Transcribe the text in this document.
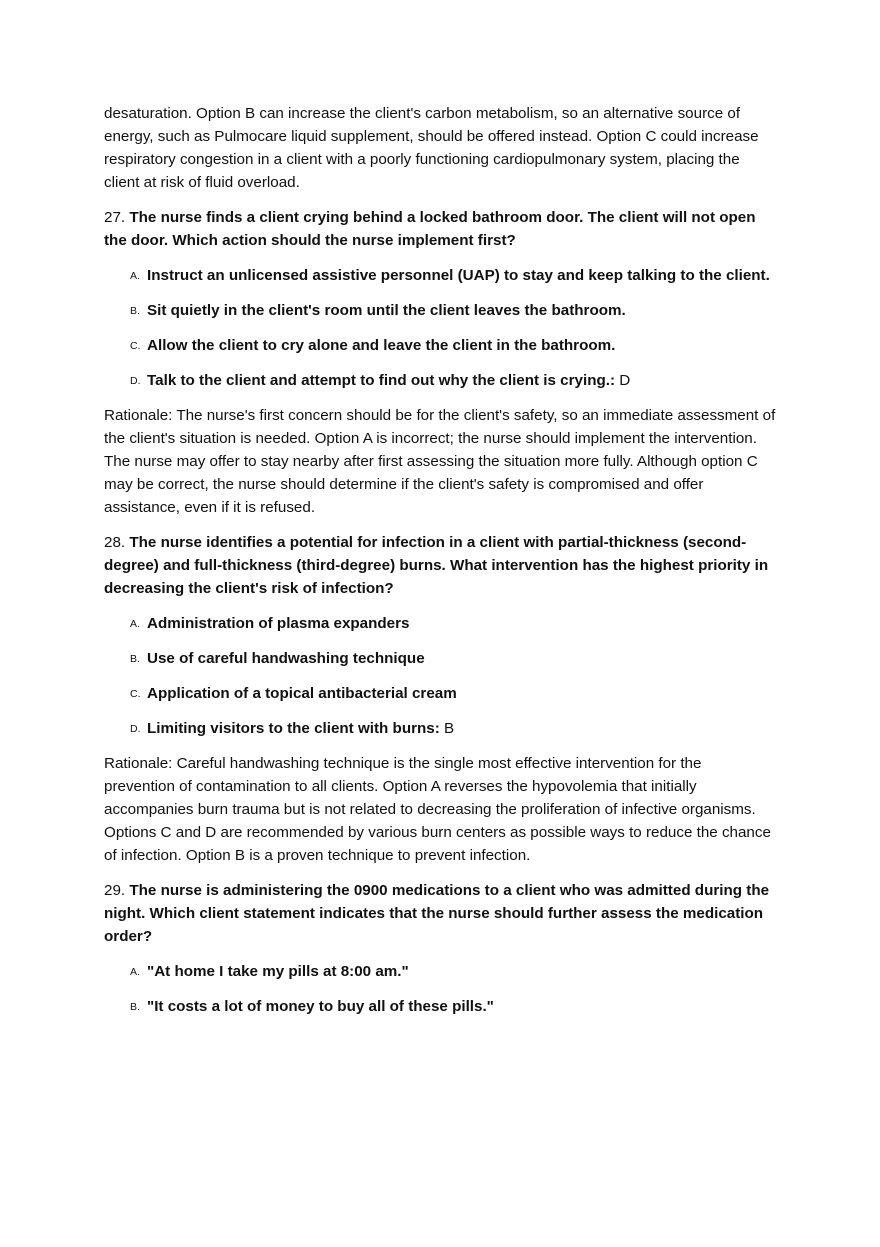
desaturation. Option B can increase the client's carbon metabolism, so an alternative source of energy, such as Pulmocare liquid supplement, should be offered instead. Option C could increase respiratory congestion in a client with a poorly functioning cardiopulmonary system, placing the client at risk of fluid overload.

27. The nurse finds a client crying behind a locked bathroom door. The client will not open the door. Which action should the nurse implement first?

A. Instruct an unlicensed assistive personnel (UAP) to stay and keep talking to the client.
B. Sit quietly in the client's room until the client leaves the bathroom.
C. Allow the client to cry alone and leave the client in the bathroom.
D. Talk to the client and attempt to find out why the client is crying.: D

Rationale: The nurse's first concern should be for the client's safety, so an immediate assessment of the client's situation is needed. Option A is incorrect; the nurse should implement the intervention. The nurse may offer to stay nearby after first assessing the situation more fully. Although option C may be correct, the nurse should determine if the client's safety is compromised and offer assistance, even if it is refused.

28. The nurse identifies a potential for infection in a client with partial-thickness (second-degree) and full-thickness (third-degree) burns. What intervention has the highest priority in decreasing the client's risk of infection?

A. Administration of plasma expanders
B. Use of careful handwashing technique
C. Application of a topical antibacterial cream
D. Limiting visitors to the client with burns: B

Rationale: Careful handwashing technique is the single most effective intervention for the prevention of contamination to all clients. Option A reverses the hypovolemia that initially accompanies burn trauma but is not related to decreasing the proliferation of infective organisms. Options C and D are recommended by various burn centers as possible ways to reduce the chance of infection. Option B is a proven technique to prevent infection.

29. The nurse is administering the 0900 medications to a client who was admitted during the night. Which client statement indicates that the nurse should further assess the medication order?

A. "At home I take my pills at 8:00 am."
B. "It costs a lot of money to buy all of these pills."
